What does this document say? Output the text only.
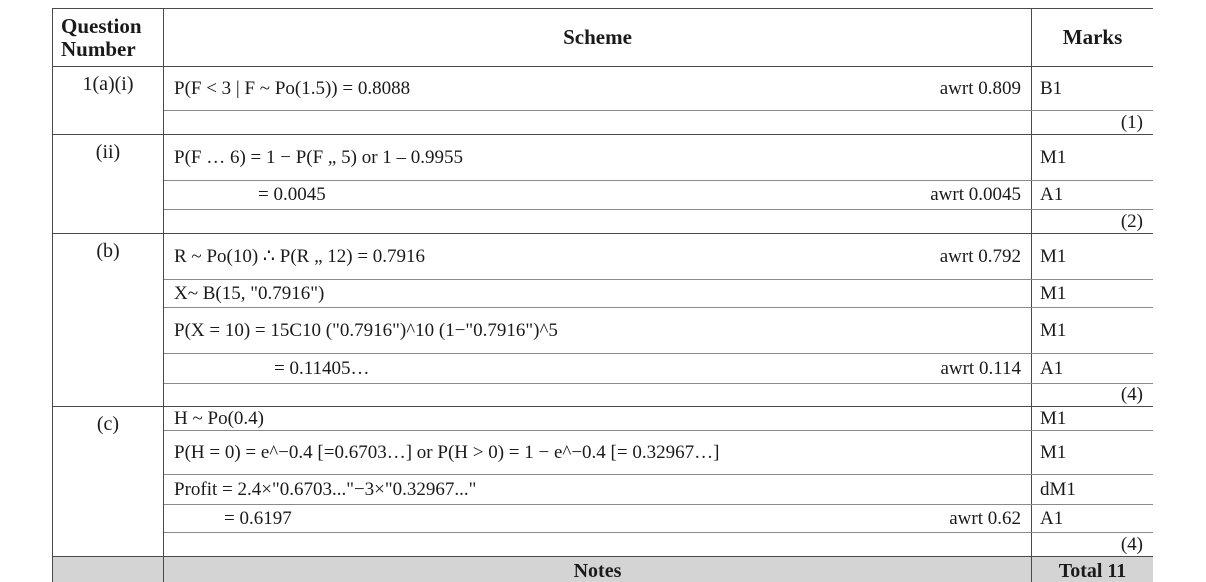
Question Number	Scheme	Marks
1(a)(i)	P(F < 3 | F ~ Po(1.5)) = 0.8088 awrt 0.809	B1

		(1)

(ii)	P(F … 6) = 1 − P(F „ 5) or 1 – 0.9955	M1

	= 0.0045 awrt 0.0045	A1

		(2)

(b)	R ~ Po(10) ∴ P(R „ 12) = 0.7916 awrt 0.792	M1
	X~ B(15, "0.7916")	M1
	P(X = 10) = 15C10 ("0.7916")^10 (1−"0.7916")^5	M1

	= 0.11405… awrt 0.114	A1

		(4)

(c)	H ~ Po(0.4)	M1
	P(H = 0) = e^−0.4 [=0.6703…] or P(H > 0) = 1 − e^−0.4 [= 0.32967…]	M1
	Profit = 2.4×"0.6703..."−3×"0.32967..."	dM1

	= 0.6197 awrt 0.62	A1

		(4)

	Notes	Total 11
